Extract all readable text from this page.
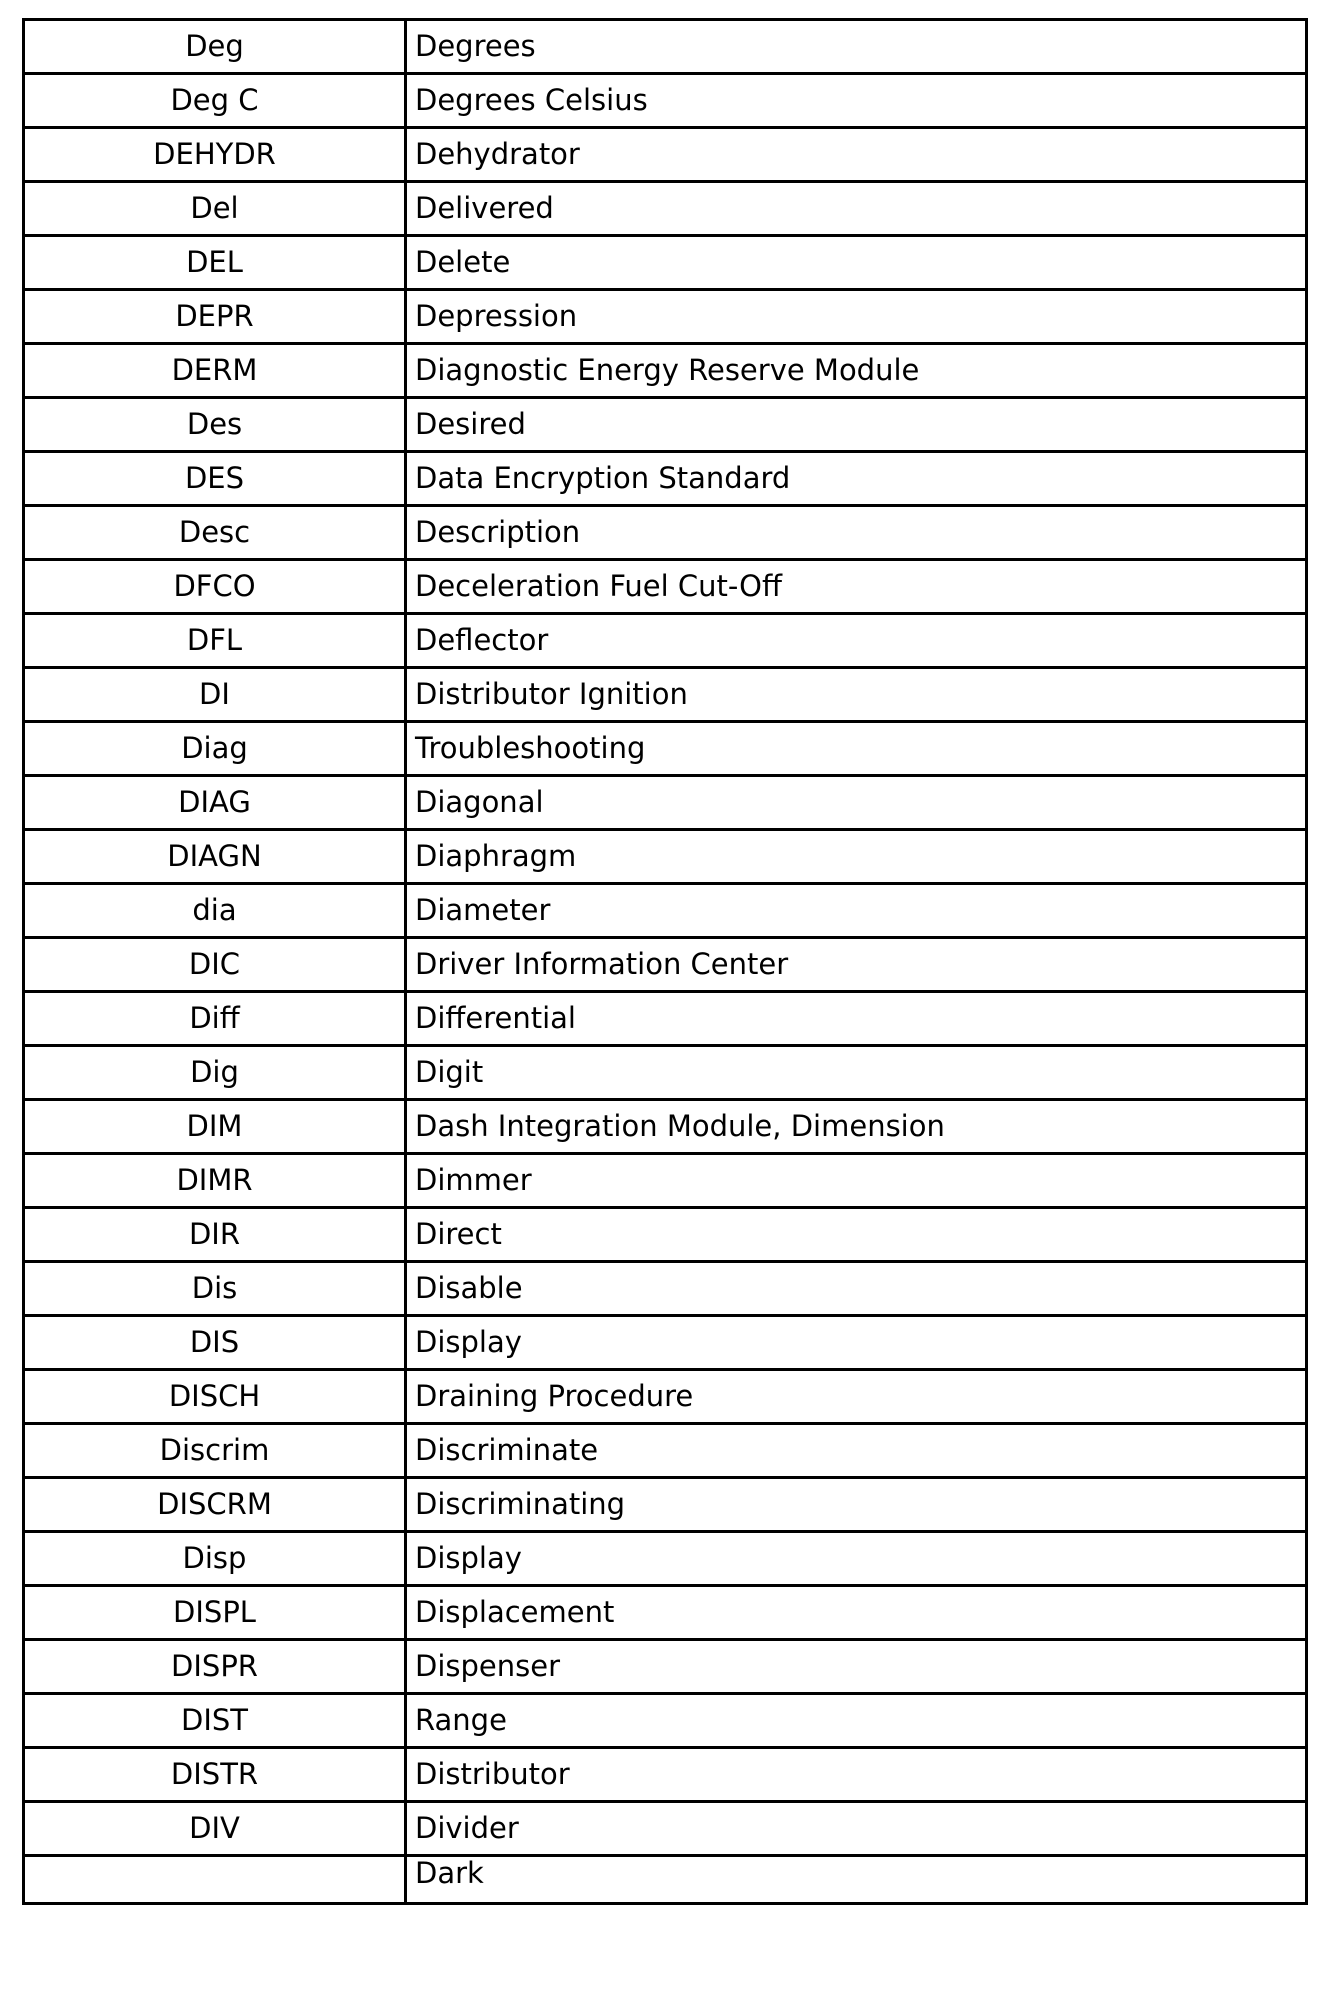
Deg	Degrees
Deg C	Degrees Celsius
DEHYDR	Dehydrator
Del	Delivered
DEL	Delete
DEPR	Depression
DERM	Diagnostic Energy Reserve Module
Des	Desired
DES	Data Encryption Standard
Desc	Description
DFCO	Deceleration Fuel Cut-Off
DFL	Deflector
DI	Distributor Ignition
Diag	Troubleshooting
DIAG	Diagonal
DIAGN	Diaphragm
dia	Diameter
DIC	Driver Information Center
Diff	Differential
Dig	Digit
DIM	Dash Integration Module, Dimension
DIMR	Dimmer
DIR	Direct
Dis	Disable
DIS	Display
DISCH	Draining Procedure
Discrim	Discriminate
DISCRM	Discriminating
Disp	Display
DISPL	Displacement
DISPR	Dispenser
DIST	Range
DISTR	Distributor
DIV	Divider
	Dark
